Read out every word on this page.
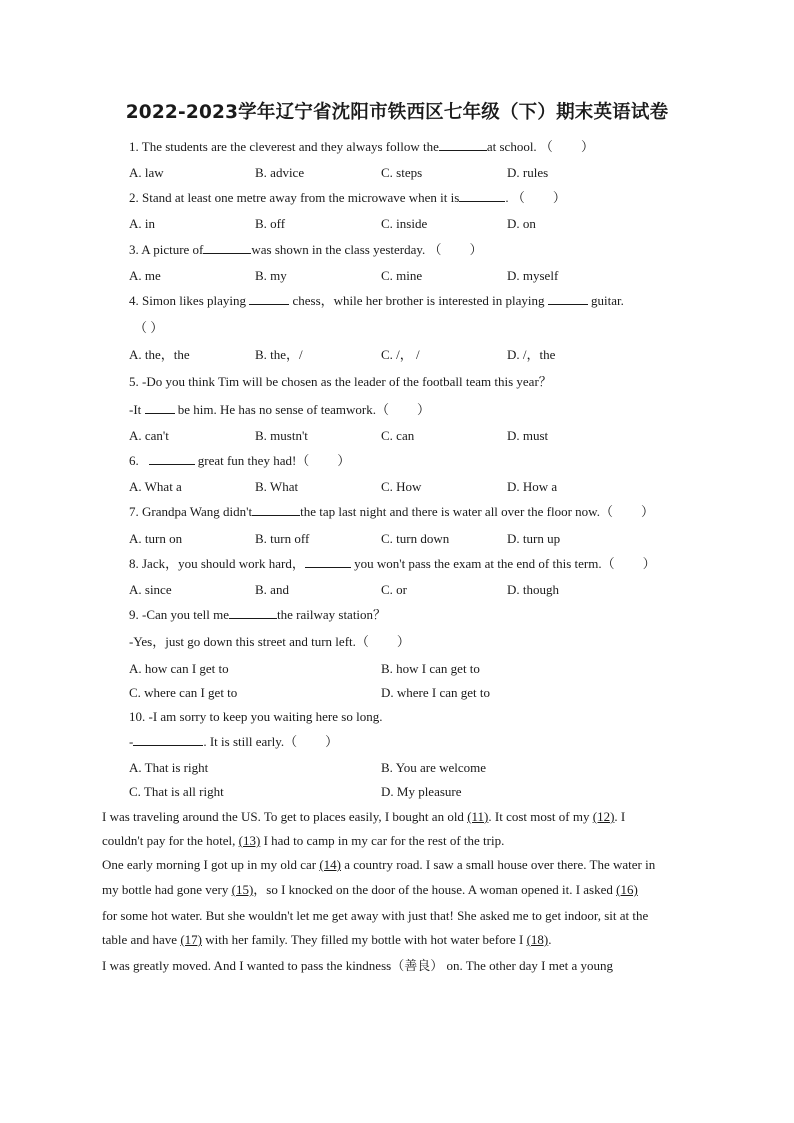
2022-2023学年辽宁省沈阳市铁西区七年级（下）期末英语试卷
1. The students are the cleverest and they always follow the	at school. （ ）
A. law	B. advice	C. steps	D. rules
2. Stand at least one metre away from the microwave when it is	. （ ）
A. in	B. off	C. inside	D. on
3. A picture of	was shown in the class yesterday. （ ）
A. me	B. my	C. mine	D. myself
4. Simon likes playing	chess，while her brother is interested in playing	guitar.
（ ）
A. the，the	B. the，/	C. /， /	D. /，the
5. -Do you think Tim will be chosen as the leader of the football team this year？
-It	be him. He has no sense of teamwork.（ ）
A. can't	B. mustn't	C. can	D. must
6.	great fun they had!（ ）
A. What a	B. What	C. How	D. How a
7. Grandpa Wang didn't	the tap last night and there is water all over the floor now.（ ）
A. turn on	B. turn off	C. turn down	D. turn up
8. Jack，you should work hard，	you won't pass the exam at the end of this term.（ ）
A. since	B. and	C. or	D. though
9. -Can you tell me	the railway station？
-Yes，just go down this street and turn left.（ ）
A. how can I get to	B. how I can get to
C. where can I get to	D. where I can get to
10. -I am sorry to keep you waiting here so long.
-	. It is still early.（ ）
A. That is right	B. You are welcome
C. That is all right	D. My pleasure
I was traveling around the US. To get to places easily, I bought an old (11). It cost most of my (12). I
couldn't pay for the hotel, (13) I had to camp in my car for the rest of the trip.
One early morning I got up in my old car (14) a country road. I saw a small house over there. The water in
my bottle had gone very (15)，so I knocked on the door of the house. A woman opened it. I asked (16)
for some hot water. But she wouldn't let me get away with just that! She asked me to get indoor, sit at the
table and have (17) with her family. They filled my bottle with hot water before I (18).
I was greatly moved. And I wanted to pass the kindness（善良） on. The other day I met a young
